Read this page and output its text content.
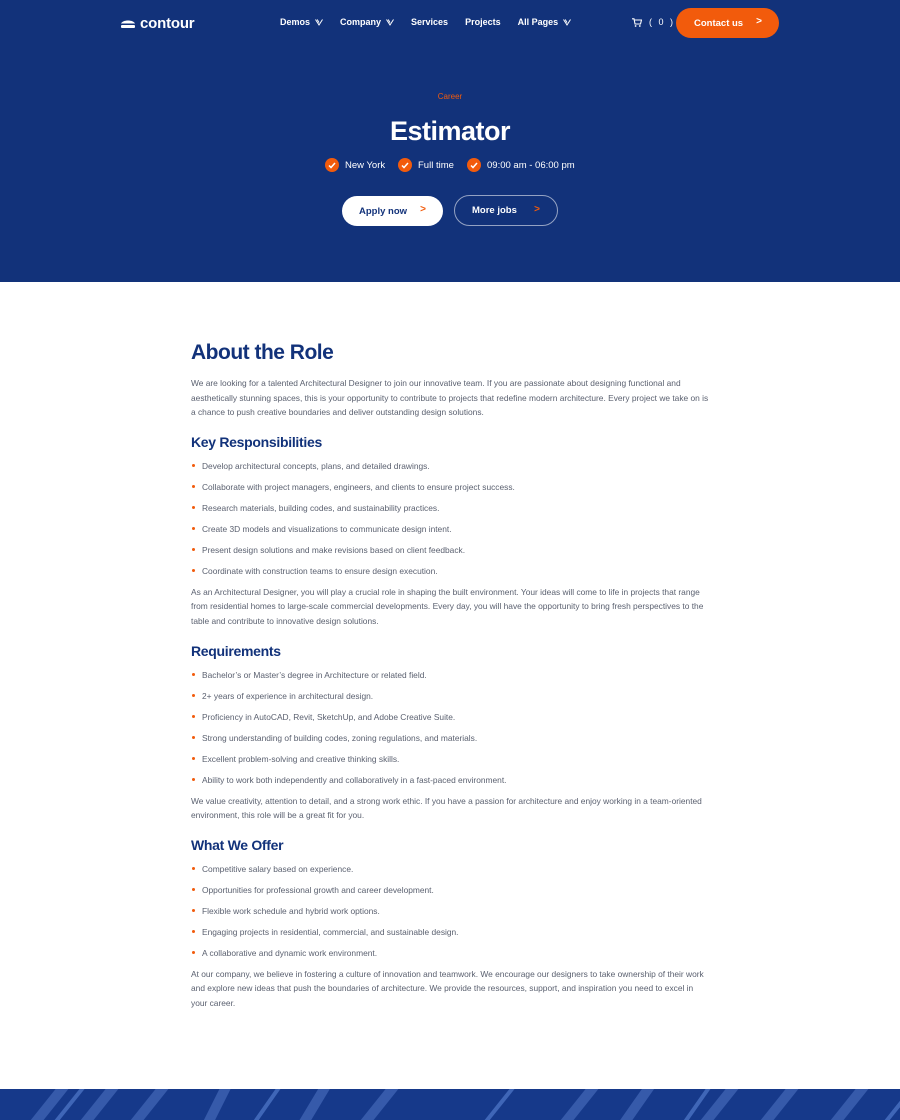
contour	Demos	Company	Services Projects All Pages	( 0 ) Contact us >
Career
Estimator
New York	Full time	09:00 am - 06:00 pm
Apply now >	More jobs >
About the Role

We are looking for a talented Architectural Designer to join our innovative team. If you are passionate about designing functional and aesthetically stunning spaces, this is your opportunity to contribute to projects that redefine modern architecture. Every project we take on is a chance to push creative boundaries and deliver outstanding design solutions.

Key Responsibilities
Develop architectural concepts, plans, and detailed drawings.
Collaborate with project managers, engineers, and clients to ensure project success.
Research materials, building codes, and sustainability practices.
Create 3D models and visualizations to communicate design intent.
Present design solutions and make revisions based on client feedback.
Coordinate with construction teams to ensure design execution.

As an Architectural Designer, you will play a crucial role in shaping the built environment. Your ideas will come to life in projects that range from residential homes to large-scale commercial developments. Every day, you will have the opportunity to bring fresh perspectives to the table and contribute to innovative design solutions.

Requirements
Bachelor’s or Master’s degree in Architecture or related field.
2+ years of experience in architectural design.
Proficiency in AutoCAD, Revit, SketchUp, and Adobe Creative Suite.
Strong understanding of building codes, zoning regulations, and materials.
Excellent problem-solving and creative thinking skills.
Ability to work both independently and collaboratively in a fast-paced environment.

We value creativity, attention to detail, and a strong work ethic. If you have a passion for architecture and enjoy working in a team-oriented environment, this role will be a great fit for you.

What We Offer
Competitive salary based on experience.
Opportunities for professional growth and career development.
Flexible work schedule and hybrid work options.
Engaging projects in residential, commercial, and sustainable design.
A collaborative and dynamic work environment.

At our company, we believe in fostering a culture of innovation and teamwork. We encourage our designers to take ownership of their work and explore new ideas that push the boundaries of architecture. We provide the resources, support, and inspiration you need to excel in your career.
